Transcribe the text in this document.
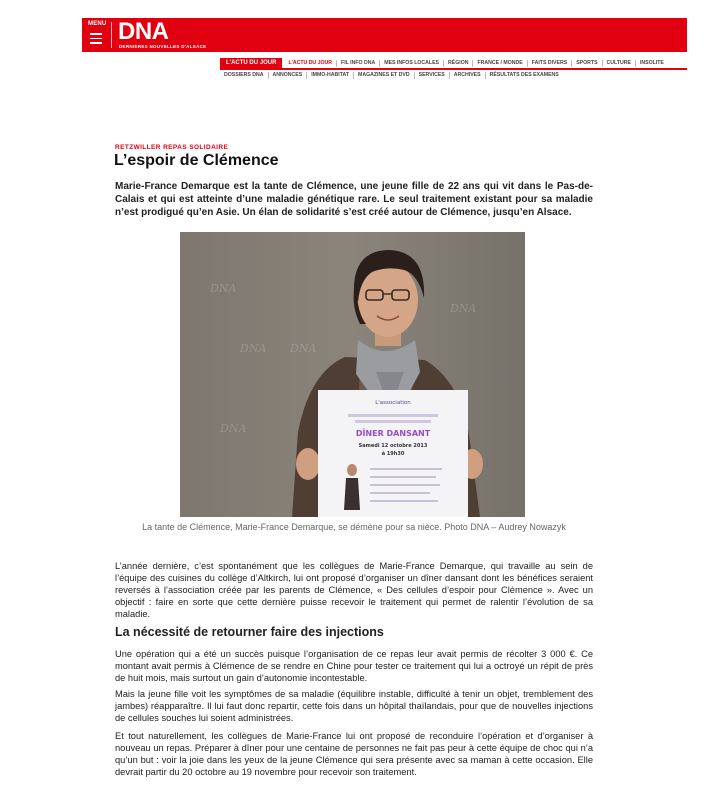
MENU DNA
DERNIÈRES NOUVELLES D'ALSACE
L'ACTU DU JOUR	L'ACTU DU JOUR	FIL INFO DNA	MES INFOS LOCALES	RÉGION	FRANCE / MONDE	FAITS DIVERS	SPORTS	CULTURE	INSOLITE
DOSSIERS DNA	ANNONCES	IMMO-HABITAT	MAGAZINES ET DVD	SERVICES	ARCHIVES	RÉSULTATS DES EXAMENS
RETZWILLER REPAS SOLIDAIRE
L’espoir de Clémence

Marie-France Demarque est la tante de Clémence, une jeune fille de 22 ans qui vit dans le Pas-de-Calais et qui est atteinte d’une maladie génétique rare. Le seul traitement existant pour sa maladie n’est prodigué qu’en Asie. Un élan de solidarité s’est créé autour de Clémence, jusqu’en Alsace.

L'association
DÎNER DANSANT
Samedi 12 octobre 2013
à 19h30
DNA
DNA
DNA
DNA
DNA

La tante de Clémence, Marie-France Demarque, se démène pour sa nièce. Photo DNA – Audrey Nowazyk

L’année dernière, c’est spontanément que les collègues de Marie-France Demarque, qui travaille au sein de l’équipe des cuisines du collège d’Altkirch, lui ont proposé d’organiser un dîner dansant dont les bénéfices seraient reversés à l’association créée par les parents de Clémence, « Des cellules d’espoir pour Clémence ». Avec un objectif : faire en sorte que cette dernière puisse recevoir le traitement qui permet de ralentir l’évolution de sa maladie.

La nécessité de retourner faire des injections

Une opération qui a été un succès puisque l’organisation de ce repas leur avait permis de récolter 3 000 €. Ce montant avait permis à Clémence de se rendre en Chine pour tester ce traitement qui lui a octroyé un répit de près de huit mois, mais surtout un gain d’autonomie incontestable.

Mais la jeune fille voit les symptômes de sa maladie (équilibre instable, difficulté à tenir un objet, tremblement des jambes) réapparaître. Il lui faut donc repartir, cette fois dans un hôpital thaïlandais, pour que de nouvelles injections de cellules souches lui soient administrées.

Et tout naturellement, les collègues de Marie-France lui ont proposé de reconduire l’opération et d’organiser à nouveau un repas. Préparer à dîner pour une centaine de personnes ne fait pas peur à cette équipe de choc qui n’a qu’un but : voir la joie dans les yeux de la jeune Clémence qui sera présente avec sa maman à cette occasion. Elle devrait partir du 20 octobre au 19 novembre pour recevoir son traitement.
